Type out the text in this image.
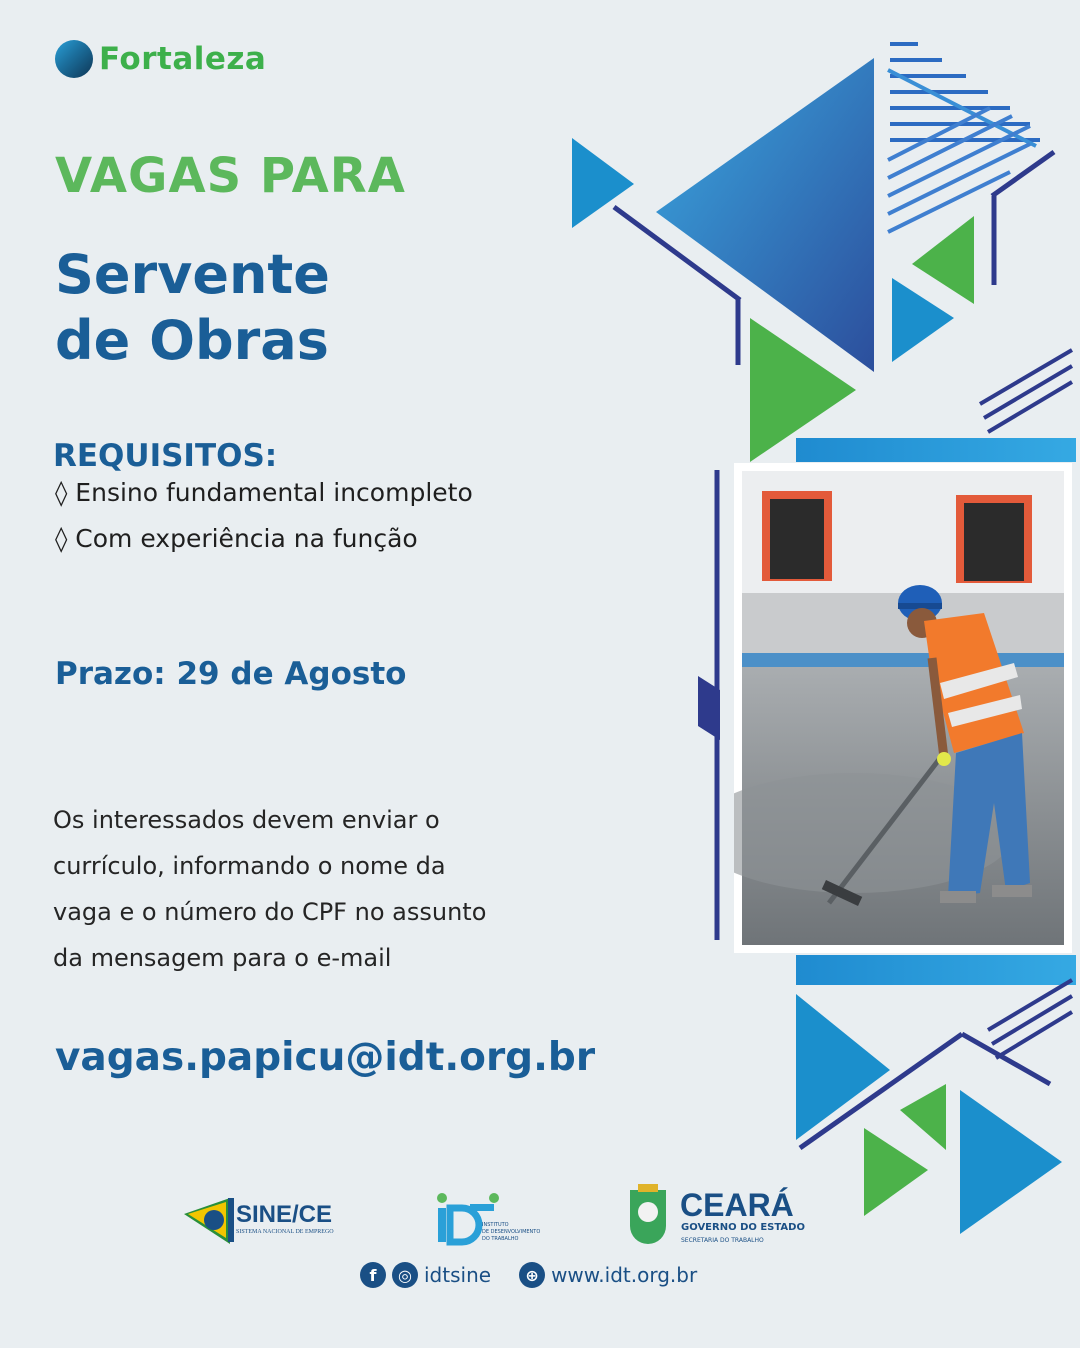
Fortaleza
VAGAS PARA
Servente
de Obras
REQUISITOS:
◊ Ensino fundamental incompleto
◊ Com experiência na função
Prazo: 29 de Agosto
Os interessados devem enviar o
currículo, informando o nome da
vaga e o número do CPF no assunto
da mensagem para o e-mail
vagas.papicu@idt.org.br
SINE/CE
SISTEMA NACIONAL DE EMPREGO
INSTITUTO
DE DESENVOLVIMENTO
DO TRABALHO
CEARÁ
GOVERNO DO ESTADO
SECRETARIA DO TRABALHO
f	◎ idtsine	⊕ www.idt.org.br
